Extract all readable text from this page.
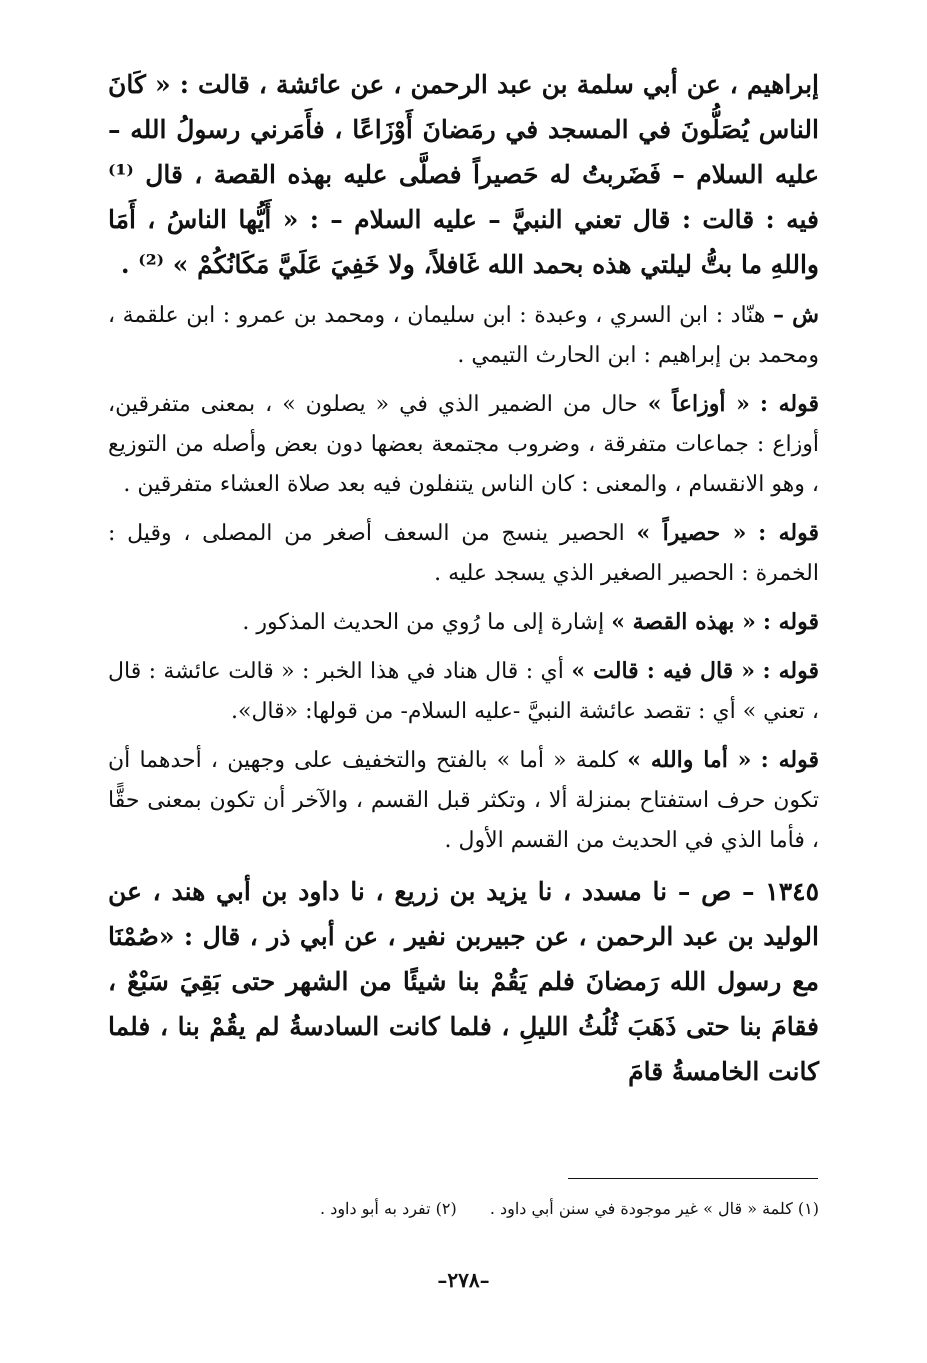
إبراهيم ، عن أبي سلمة بن عبد الرحمن ، عن عائشة ، قالت : « كَانَ الناس يُصَلُّونَ في المسجد في رمَضانَ أَوْزَاعًا ، فأَمَرني رسولُ الله – عليه السلام – فَضَربتُ له حَصيراً فصلَّى عليه بهذه القصة ، قال ⁽¹⁾ فيه : قالت : قال تعني النبيَّ – عليه السلام – : « أَيُّها الناسُ ، أَمَا واللهِ ما بتُّ ليلتي هذه بحمد الله غَافلاً، ولا خَفِيَ عَلَيَّ مَكَانُكُمْ » ⁽²⁾ .

ش – هنّاد : ابن السري ، وعبدة : ابن سليمان ، ومحمد بن عمرو : ابن علقمة ، ومحمد بن إبراهيم : ابن الحارث التيمي .

قوله : « أوزاعاً » حال من الضمير الذي في « يصلون » ، بمعنى متفرقين، أوزاع : جماعات متفرقة ، وضروب مجتمعة بعضها دون بعض وأصله من التوزيع ، وهو الانقسام ، والمعنى : كان الناس يتنفلون فيه بعد صلاة العشاء متفرقين .

قوله : « حصيراً » الحصير ينسج من السعف أصغر من المصلى ، وقيل : الخمرة : الحصير الصغير الذي يسجد عليه .

قوله : « بهذه القصة » إشارة إلى ما رُوي من الحديث المذكور .

قوله : « قال فيه : قالت » أي : قال هناد في هذا الخبر : « قالت عائشة : قال ، تعني » أي : تقصد عائشة النبيَّ -عليه السلام- من قولها: «قال».

قوله : « أما والله » كلمة « أما » بالفتح والتخفيف على وجهين ، أحدهما أن تكون حرف استفتاح بمنزلة ألا ، وتكثر قبل القسم ، والآخر أن تكون بمعنى حقًّا ، فأما الذي في الحديث من القسم الأول .

١٣٤٥ – ص – نا مسدد ، نا يزيد بن زريع ، نا داود بن أبي هند ، عن الوليد بن عبد الرحمن ، عن جبيربن نفير ، عن أبي ذر ، قال : «صُمْنَا مع رسول الله رَمضانَ فلم يَقُمْ بنا شيئًا من الشهر حتى بَقِيَ سَبْعٌ ، فقامَ بنا حتى ذَهَبَ ثُلُثُ الليلِ ، فلما كانت السادسةُ لم يقُمْ بنا ، فلما كانت الخامسةُ قامَ

(١) كلمة « قال » غير موجودة في سنن أبي داود . (٢) تفرد به أبو داود .
–٢٧٨–
